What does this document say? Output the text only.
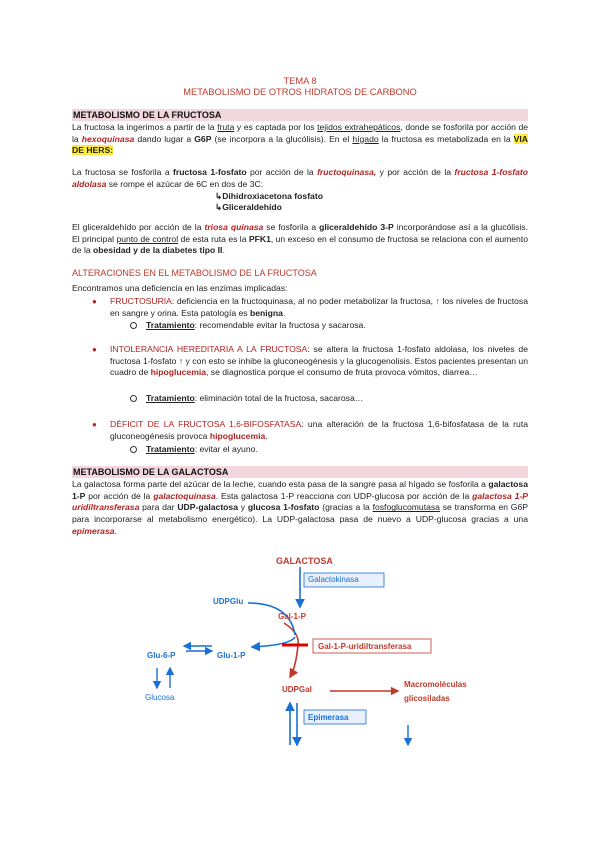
TEMA 8
METABOLISMO DE OTROS HIDRATOS DE CARBONO
METABOLISMO DE LA FRUCTOSA
La fructosa la ingerimos a partir de la fruta y es captada por los tejidos extrahepáticos, donde se fosforila por acción de la hexoquinasa dando lugar a G6P (se incorpora a la glucólisis). En el hígado la fructosa es metabolizada en la VIA DE HERS:
La fructosa se fosforila a fructosa 1-fosfato por acción de la fructoquinasa, y por acción de la fructosa 1-fosfato aldolasa se rompe el azúcar de 6C en dos de 3C:
↳Dihidroxiacetona fosfato
↳Gliceraldehído
El gliceraldehído por acción de la triosa quinasa se fosforila a gliceraldehído 3-P incorporándose así a la glucólisis. El principal punto de control de esta ruta es la PFK1, un exceso en el consumo de fructosa se relaciona con el aumento de la obesidad y de la diabetes tipo II.
ALTERACIONES EN EL METABOLISMO DE LA FRUCTOSA
Encontramos una deficiencia en las enzimas implicadas:
● FRUCTOSURIA: deficiencia en la fructoquinasa, al no poder metabolizar la fructosa, ↑ los niveles de fructosa en sangre y orina. Esta patología es benigna.
Tratamiento: recomendable evitar la fructosa y sacarosa.
● INTOLERANCIA HEREDITARIA A LA FRUCTOSA: se altera la fructosa 1-fosfato aldolasa, los niveles de fructosa 1-fosfato ↑ y con esto se inhibe la gluconeogénesis y la glucogenolisis. Estos pacientes presentan un cuadro de hipoglucemia, se diagnostica porque el consumo de fruta provoca vómitos, diarrea…
Tratamiento: eliminación total de la fructosa, sacarosa…
● DÉFICIT DE LA FRUCTOSA 1,6-BIFOSFATASA: una alteración de la fructosa 1,6-bifosfatasa de la ruta gluconeogénesis provoca hipoglucemia.
Tratamiento: evitar el ayuno.
METABOLISMO DE LA GALACTOSA
La galactosa forma parte del azúcar de la leche, cuando esta pasa de la sangre pasa al hígado se fosforila a galactosa 1-P por acción de la galactoquinasa. Esta galactosa 1-P reacciona con UDP-glucosa por acción de la galactosa 1-P uridiltransferasa para dar UDP-galactosa y glucosa 1-fosfato (gracias a la fosfoglucomutasa se transforma en G6P para incorporarse al metabolismo energético). La UDP-galactosa pasa de nuevo a UDP-glucosa gracias a una epimerasa.
GALACTOSA
Galactokinasa
Gal-1-P
UDPGlu
Glu-6-P	Glu-1-P
Gal-1-P-uridiltransferasa
Glucosa
UDPGal
Macromoléculas
glicosiladas
Epimerasa
